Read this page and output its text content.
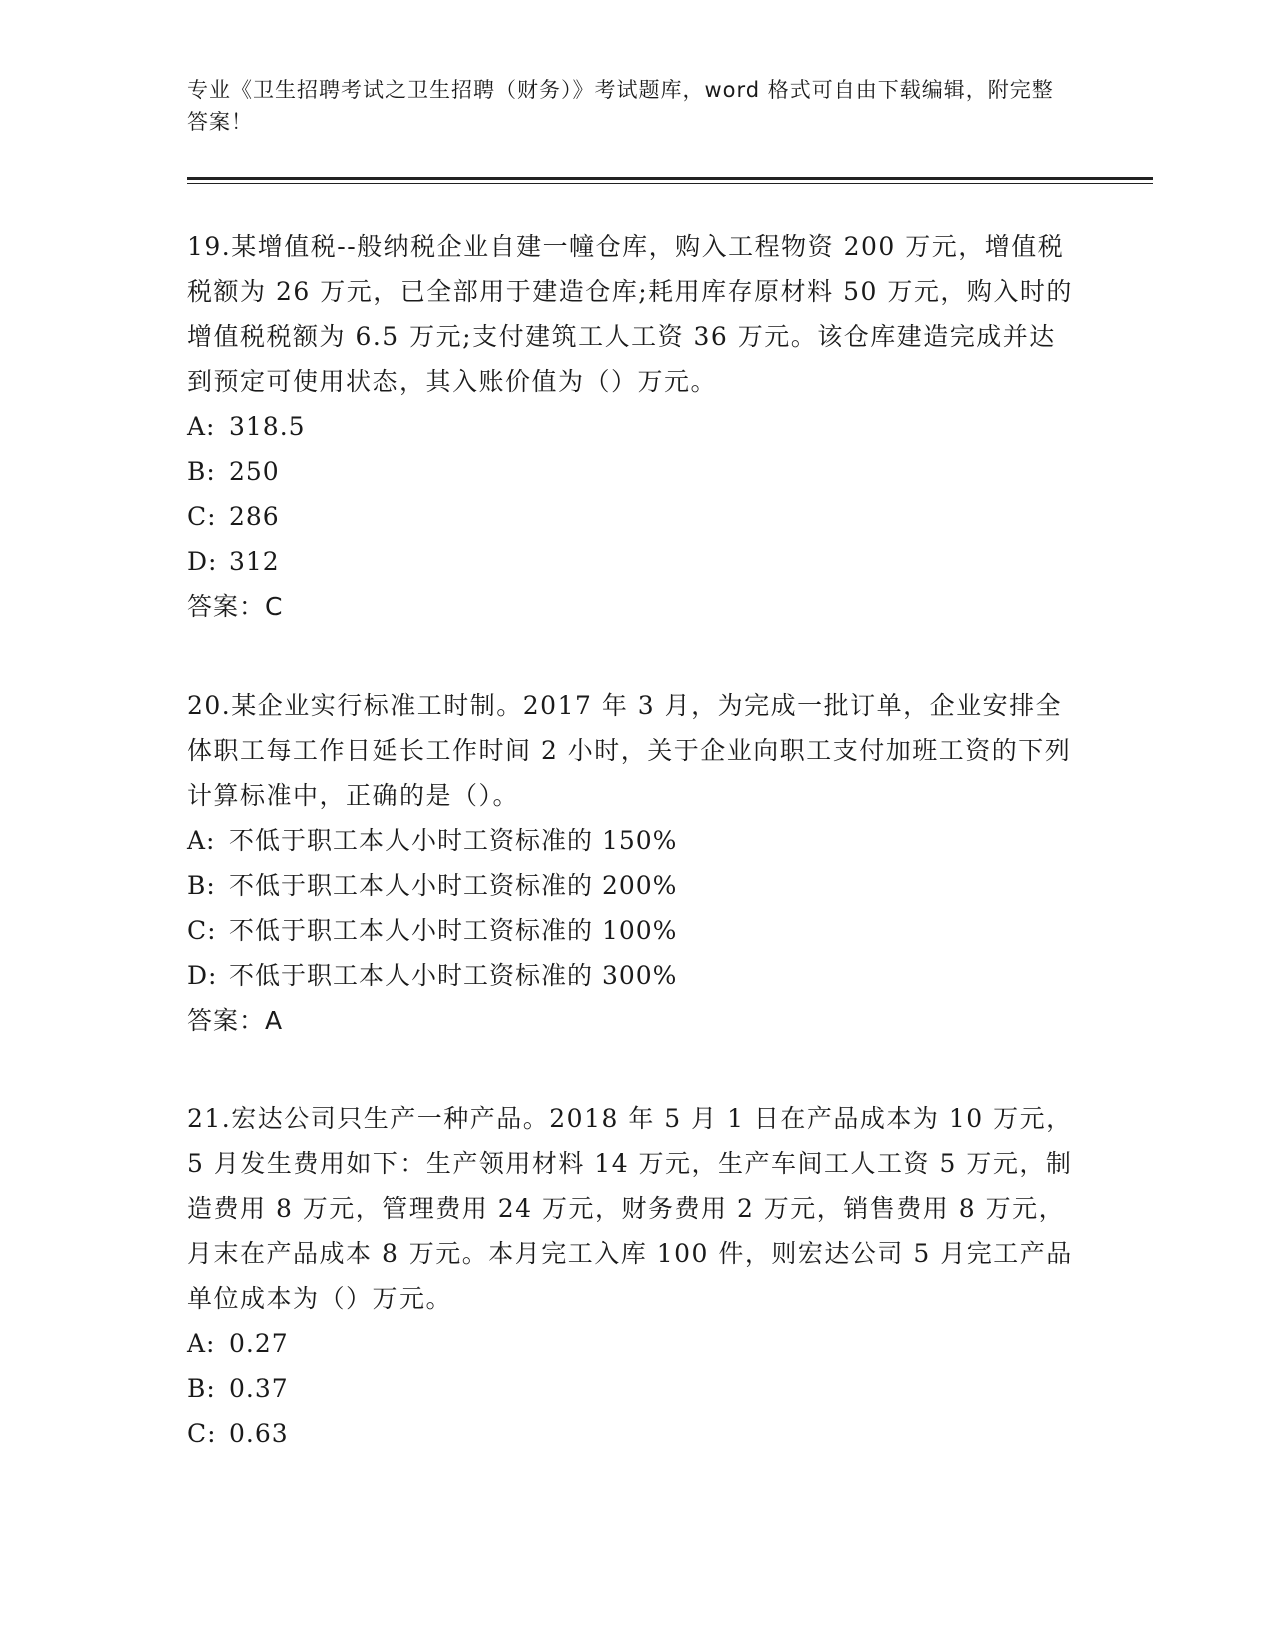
专业《卫生招聘考试之卫生招聘（财务）》考试题库，word 格式可自由下载编辑，附完整答案！

19.某增值税--般纳税企业自建一幢仓库，购入工程物资 200 万元，增值税税额为 26 万元，已全部用于建造仓库;耗用库存原材料 50 万元，购入时的增值税税额为 6.5 万元;支付建筑工人工资 36 万元。该仓库建造完成并达到预定可使用状态，其入账价值为（）万元。

A: 318.5

B: 250

C: 286

D: 312

答案：C

20.某企业实行标准工时制。2017 年 3 月，为完成一批订单，企业安排全体职工每工作日延长工作时间 2 小时，关于企业向职工支付加班工资的下列计算标准中，正确的是（）。

A: 不低于职工本人小时工资标准的 150%

B: 不低于职工本人小时工资标准的 200%

C: 不低于职工本人小时工资标准的 100%

D: 不低于职工本人小时工资标准的 300%

答案：A

21.宏达公司只生产一种产品。2018 年 5 月 1 日在产品成本为 10 万元，5 月发生费用如下：生产领用材料 14 万元，生产车间工人工资 5 万元，制造费用 8 万元，管理费用 24 万元，财务费用 2 万元，销售费用 8 万元，月末在产品成本 8 万元。本月完工入库 100 件，则宏达公司 5 月完工产品单位成本为（）万元。

A: 0.27

B: 0.37

C: 0.63
